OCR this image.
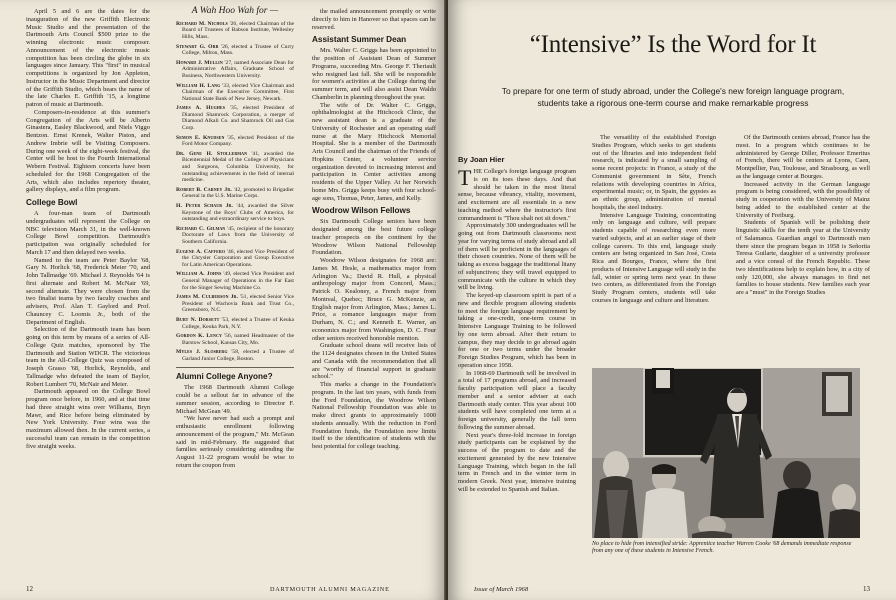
April 5 and 6 are the dates for the inauguration of the new Griffith Electronic Music Studio and the presentation of the Dartmouth Arts Council $500 prize to the winning electronic music composer. Announcement of the electronic music competition has been circling the globe in six languages since January. This "first" in musical competitions is organized by Jon Appleton, Instructor in the Music Department and director of the Griffith Studio, which bears the name of the late Charles E. Griffith '15, a longtime patron of music at Dartmouth.

Composers-in-residence at this summer's Congregation of the Arts will be Alberto Ginastera, Easley Blackwood, and Niels Viggo Bentzon. Ernst Krenek, Walter Piston, and Andrew Imbrie will be Visiting Composers. During one week of the eight-week festival, the Center will be host to the Fourth International Webern Festival. Eighteen concerts have been scheduled for the 1968 Congregation of the Arts, which also includes repertory theater, gallery displays, and a film program.

College Bowl

A four-man team of Dartmouth undergraduates will represent the College on NBC television March 31, in the well-known College Bowl competition. Dartmouth's participation was originally scheduled for March 17 and then delayed two weeks.

Named to the team are Peter Baylor '68, Gary N. Horlick '68, Frederick Meier '70, and John Tallmadge '69. Michael J. Reynolds '64 is first alternate and Robert M. McNair '69, second alternate. They were chosen from the two finalist teams by two faculty coaches and advisers, Prof. Alan T. Gaylord and Prof. Chauncey C. Loomis Jr., both of the Department of English.

Selection of the Dartmouth team has been going on this term by means of a series of All-College Quiz matches, sponsored by The Dartmouth and Station WDCR. The victorious team in the All-College Quiz was composed of Joseph Grasso '68, Horlick, Reynolds, and Tallmadge who defeated the team of Baylor, Robert Lumbert '70, McNair and Meier.

Dartmouth appeared on the College Bowl program once before, in 1960, and at that time had three straight wins over Williams, Bryn Mawr, and Rice before being eliminated by New York University. Four wins was the maximum allowed then. In the current series, a successful team can remain in the competition five straight weeks.

A Wah Hoo Wah for —
Richard M. Nichols '26, elected Chairman of the Board of Trustees of Babson Institute, Wellesley Hills, Mass.
Stewart G. Orr '26, elected a Trustee of Curry College, Milton, Mass.
Howard J. Mullin '27, named Associate Dean for Administrative Affairs, Graduate School of Business, Northwestern University.
William H. Lang '33, elected Vice Chairman and Chairman of the Executive Committee, First National State Bank of New Jersey, Newark.
James A. Hughes '35, elected President of Diamond Shamrock Corporation, a merger of Diamond Alkali Co. and Shamrock Oil and Gas Corp.
Semon E. Knudsen '35, elected President of the Ford Motor Company.
Dr. Gene H. Stollerman '41, awarded the Bicentennial Medal of the College of Physicians and Surgeons, Columbia University, for outstanding achievements in the field of internal medicine.
Robert B. Carney Jr. '42, promoted to Brigadier General in the U.S. Marine Corps.
H. Peter Schaub Jr. '44, awarded the Silver Keystone of the Boys' Clubs of America, for outstanding and extraordinary service to boys.
Richard C. Gilman '45, recipient of the honorary Doctorate of Laws from the University of Southern California.
Eugene A. Caffero '46, elected Vice President of the Chrysler Corporation and Group Executive for Latin American Operations.
William A. Johns '49, elected Vice President and General Manager of Operations in the Far East for the Singer Sewing Machine Co.
James M. Culberson Jr. '51, elected Senior Vice President of Wachovia Bank and Trust Co., Greensboro, N.C.
Burt N. Dorsett '53, elected a Trustee of Keuka College, Keuka Park, N.Y.
Gordon K. Lency '56, named Headmaster of the Barstow School, Kansas City, Mo.
Myles J. Slosberg '58, elected a Trustee of Garland Junior College, Boston.
Alumni College Anyone?

The 1968 Dartmouth Alumni College could be a sellout far in advance of the summer session, according to Director F. Michael McGean '49.

"We have never had such a prompt and enthusiastic enrollment following announcement of the program," Mr. McGean said in mid-February. He suggested that families seriously considering attending the August 11-22 program would be wise to return the coupon from

the mailed announcement promptly or write directly to him in Hanover so that spaces can be reserved.

Assistant Summer Dean

Mrs. Walter C. Griggs has been appointed to the position of Assistant Dean of Summer Programs, succeeding Mrs. George F. Theriault who resigned last fall. She will be responsible for women's activities at the College during the summer term, and will also assist Dean Waldo Chamberlin in planning throughout the year.

The wife of Dr. Walter C. Griggs, ophthalmologist at the Hitchcock Clinic, the new assistant dean is a graduate of the University of Rochester and an operating staff nurse at the Mary Hitchcock Memorial Hospital. She is a member of the Dartmouth Arts Council and the chairman of the Friends of Hopkins Center, a volunteer service organization devoted to increasing interest and participation in Center activities among residents of the Upper Valley. At her Norwich home Mrs. Griggs keeps busy with four school-age sons, Thomas, Peter, James, and Kelly.

Woodrow Wilson Fellows

Six Dartmouth College seniors have been designated among the best future college teacher prospects on the continent by the Woodrow Wilson National Fellowship Foundation.

Woodrow Wilson designates for 1968 are: James M. Hesle, a mathematics major from Arlington Va.; David R. Hull, a physical anthropology major from Concord, Mass.; Patrick O. Kealoney, a French major from Montreal, Quebec; Bruce G. McKenzie, an English major from Arlington, Mass.; James L. Price, a romance languages major from Durham, N. C.; and Kenneth E. Warner, an economics major from Washington, D. C. Four other seniors received honorable mention.

Graduate school deans will receive lists of the 1124 designates chosen in the United States and Canada with the recommendation that all are "worthy of financial support in graduate school."

This marks a change in the Foundation's program. In the last ten years, with funds from the Ford Foundation, the Woodrow Wilson National Fellowship Foundation was able to make direct grants to approximately 1000 students annually. With the reduction in Ford Foundation funds, the Foundation now limits itself to the identification of students with the best potential for college teaching.

12	DARTMOUTH ALUMNI MAGAZINE
“Intensive” Is the Word for It
To prepare for one term of study abroad, under the College's new foreign language program, students take a rigorous one-term course and make remarkable progress
By Joan Hier

THE College's foreign language program is on its toes these days. And that should be taken in the most literal sense, because vibrancy, vitality, movement, and excitement are all essentials in a new teaching method where the instructor's first commandment is "Thou shalt not sit down."

Approximately 300 undergraduates will be going out from Dartmouth classrooms next year for varying terms of study abroad and all of them will be proficient in the languages of their chosen countries. None of them will be taking as excess baggage the traditional litany of subjunctives; they will travel equipped to communicate with the culture in which they will be living.

The keyed-up classroom spirit is part of a new and flexible program allowing students to meet the foreign language requirement by taking a one-credit, one-term course in Intensive Language Training to be followed by one term abroad. After their return to campus, they may decide to go abroad again for one or two terms under the broader Foreign Studies Program, which has been in operation since 1958.

In 1968-69 Dartmouth will be involved in a total of 17 programs abroad, and increased faculty participation will place a faculty member and a senior adviser at each Dartmouth study center. This year about 100 students will have completed one term at a foreign university, generally the fall term following the summer abroad.

Next year's three-fold increase in foreign study participants can be explained by the success of the program to date and the excitement generated by the new Intensive Language Training, which began in the fall term in French and in the winter term in modern Greek. Next year, intensive training will be extended to Spanish and Italian.

The versatility of the established Foreign Studies Program, which seeks to get students out of the libraries and into independent field research, is indicated by a small sampling of some recent projects: in France, a study of the Communist government in Sète, French relations with developing countries in Africa, experimental music; or, in Spain, the gypsies as an ethnic group, administration of mental hospitals, the steel industry.

Intensive Language Training, concentrating only on language and culture, will prepare students capable of researching even more varied subjects, and at an earlier stage of their college careers. To this end, language study centers are being organized in San José, Costa Rica and Bourges, France, where the first products of Intensive Language will study in the fall, winter or spring term next year. In these two centers, as differentiated from the Foreign Study Program centers, students will take courses in language and culture and literature.

Of the Dartmouth centers abroad, France has the most. In a program which continues to be administered by George Diller, Professor Emeritus of French, there will be centers at Lyons, Caen, Montpellier, Pau, Toulouse, and Strasbourg, as well as the language center at Bourges.

Increased activity in the German language program is being considered, with the possibility of study in cooperation with the University of Mainz being added to the established center at the University of Freiburg.

Students of Spanish will be polishing their linguistic skills for the tenth year at the University of Salamanca. Guardian angel to Dartmouth men there since the program began in 1958 is Señorita Teresa Guilarte, daughter of a university professor and a vice consul of the French Republic. These two identifications help to explain how, in a city of only 120,000, she always manages to find net families to house students. New families each year are a "must" in the Foreign Studies

No place to hide from intensified stride: Apprentice teacher Warren Cooke '68 demands immediate response from any one of these students in Intensive French.
Issue of March 1968	13
